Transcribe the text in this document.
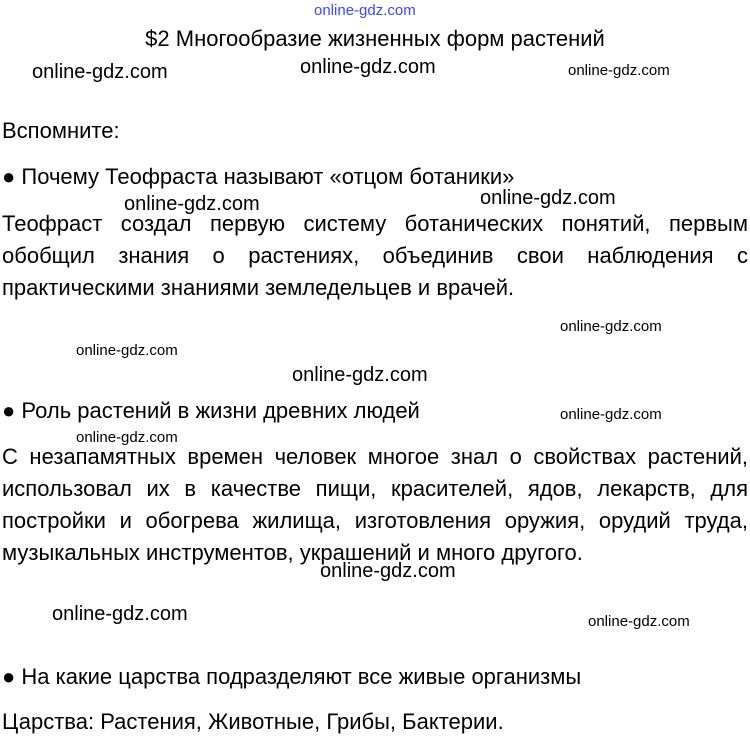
online-gdz.com
$2 Многообразие жизненных форм растений
online-gdz.com	online-gdz.com	online-gdz.com
Вспомните:
● Почему Теофраста называют «отцом ботаники»
online-gdz.com	online-gdz.com
Теофраст создал первую систему ботанических понятий, первым обобщил знания о растениях, объединив свои наблюдения с практическими знаниями земледельцев и врачей.
online-gdz.com
online-gdz.com
online-gdz.com
● Роль растений в жизни древних людей	online-gdz.com
online-gdz.com
С незапамятных времен человек многое знал о свойствах растений, использовал их в качестве пищи, красителей, ядов, лекарств, для постройки и обогрева жилища, изготовления оружия, орудий труда, музыкальных инструментов, украшений и много другого.
online-gdz.com
online-gdz.com	online-gdz.com
● На какие царства подразделяют все живые организмы
Царства: Растения, Животные, Грибы, Бактерии.
